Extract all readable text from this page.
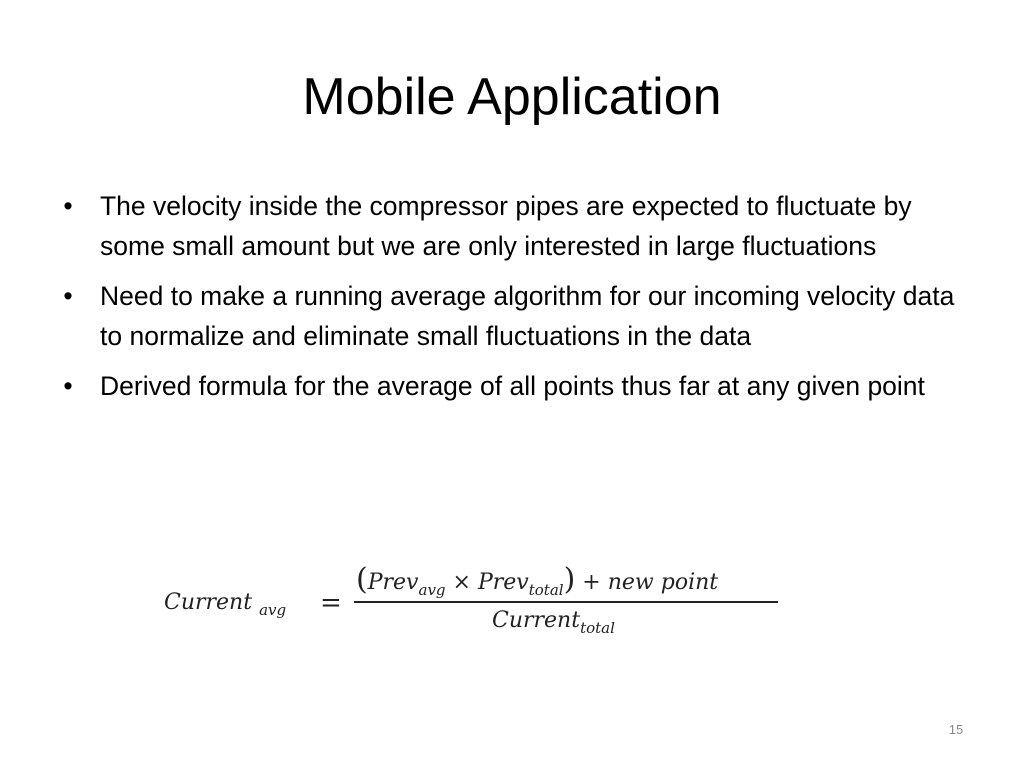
Mobile Application
• The velocity inside the compressor pipes are expected to fluctuate by some small amount but we are only interested in large fluctuations
• Need to make a running average algorithm for our incoming velocity data to normalize and eliminate small fluctuations in the data
• Derived formula for the average of all points thus far at any given point
Current $_{avg}$ =
(Prev$_{avg}$ × Prev$_{total}$) + new point
Current$_{total}$
15
